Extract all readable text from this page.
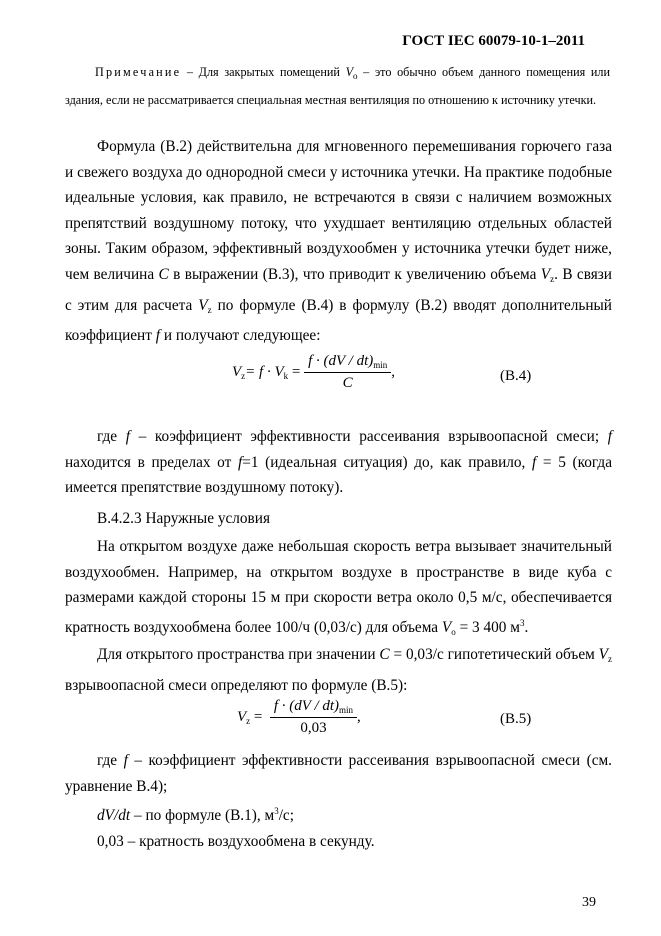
ГОСТ IEC 60079-10-1–2011

Примечание – Для закрытых помещений $V_o$ – это обычно объем данного помещения или здания, если не рассматривается специальная местная вентиляция по отношению к источнику утечки.

Формула (В.2) действительна для мгновенного перемешивания горючего газа и свежего воздуха до однородной смеси у источника утечки. На практике подобные идеальные условия, как правило, не встречаются в связи с наличием возможных препятствий воздушному потоку, что ухудшает вентиляцию отдельных областей зоны. Таким образом, эффективный воздухообмен у источника утечки будет ниже, чем величина C в выражении (В.3), что приводит к увеличению объема $V_z$. В связи с этим для расчета $V_z$ по формуле (В.4) в формулу (В.2) вводят дополнительный коэффициент f и получают следующее:

$V_z= f \cdot V_k = \frac{f \cdot (dV / dt)_{min}}{C}$ ,	(В.4)

где f – коэффициент эффективности рассеивания взрывоопасной смеси; f находится в пределах от f=1 (идеальная ситуация) до, как правило, f = 5 (когда имеется препятствие воздушному потоку).

В.4.2.3 Наружные условия

На открытом воздухе даже небольшая скорость ветра вызывает значительный воздухообмен. Например, на открытом воздухе в пространстве в виде куба с размерами каждой стороны 15 м при скорости ветра около 0,5 м/с, обеспечивается кратность воздухообмена более 100/ч (0,03/с) для объема $V_o = 3$ 400 $м^3$.

Для открытого пространства при значении C = 0,03/с гипотетический объем $V_z$ взрывоопасной смеси определяют по формуле (В.5):

$V_z = \frac{f \cdot (dV / dt)_{min}}{0,03}$ ,	(В.5)

где f – коэффициент эффективности рассеивания взрывоопасной смеси (см. уравнение В.4);

dV/dt – по формуле (В.1), $м^3/с$;

0,03 – кратность воздухообмена в секунду.

39
